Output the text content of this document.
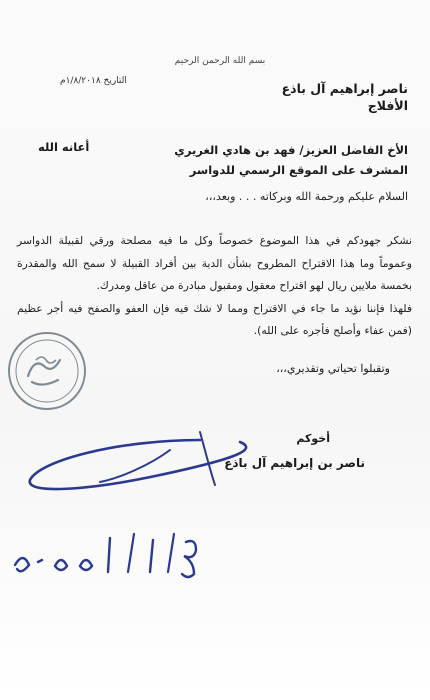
بسم الله الرحمن الرحيم
ناصر إبراهيم آل باذع
الأفلاج
التاريخ ١/٨/٢٠١٨م
الأخ الفاضل العزيز/ فهد بن هادي الغريري
المشرف على الموقع الرسمي للدواسر
أعانه الله
السلام عليكم ورحمة الله وبركاته . . . وبعد،،،

نشكر جهودكم في هذا الموضوع خصوصاً وكل ما فيه مصلحة ورقي لقبيلة الدواسر وعموماً وما هذا الاقتراح المطروح بشأن الدية بين أفراد القبيلة لا سمح الله والمقدرة بخمسة ملايين ريال لهو اقتراح معقول ومقبول مبادرة من عاقل ومدرك.

فلهذا فإننا نؤيد ما جاء في الاقتراح ومما لا شك فيه فإن العفو والصفح فيه أجر عظيم (فمن عفاء وأصلح فأجره على الله).

وتقبلوا تحياتي وتقديري،،،
أخوكم
ناصر بن إبراهيم آل باذع
